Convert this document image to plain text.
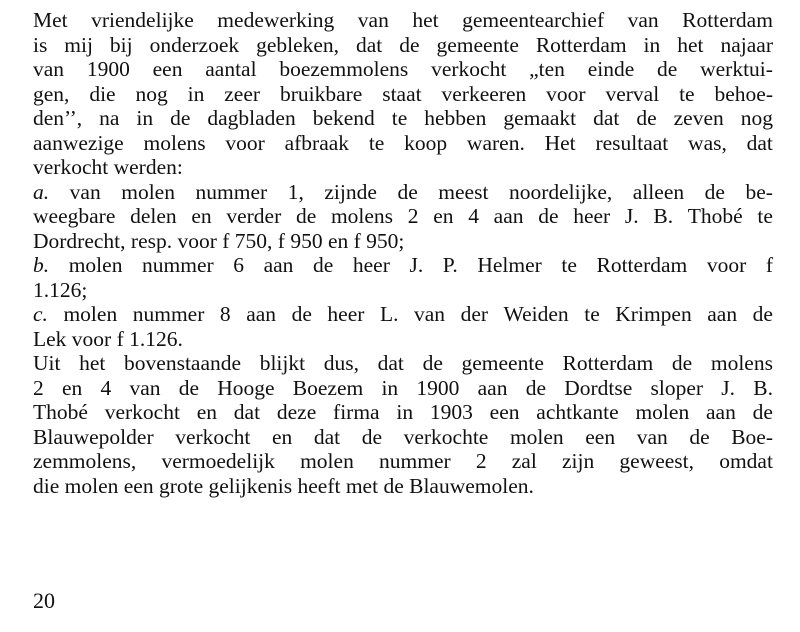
Met vriendelijke medewerking van het gemeentearchief van Rotterdam
is mij bij onderzoek gebleken, dat de gemeente Rotterdam in het najaar
van 1900 een aantal boezemmolens verkocht „ten einde de werktui-
gen, die nog in zeer bruikbare staat verkeeren voor verval te behoe-
den’’, na in de dagbladen bekend te hebben gemaakt dat de zeven nog
aanwezige molens voor afbraak te koop waren. Het resultaat was, dat
verkocht werden:
a. van molen nummer 1, zijnde de meest noordelijke, alleen de be-
weegbare delen en verder de molens 2 en 4 aan de heer J. B. Thobé te
Dordrecht, resp. voor f 750, f 950 en f 950;
b. molen nummer 6 aan de heer J. P. Helmer te Rotterdam voor f
1.126;
c. molen nummer 8 aan de heer L. van der Weiden te Krimpen aan de
Lek voor f 1.126.
Uit het bovenstaande blijkt dus, dat de gemeente Rotterdam de molens
2 en 4 van de Hooge Boezem in 1900 aan de Dordtse sloper J. B.
Thobé verkocht en dat deze firma in 1903 een achtkante molen aan de
Blauwepolder verkocht en dat de verkochte molen een van de Boe-
zemmolens, vermoedelijk molen nummer 2 zal zijn geweest, omdat
die molen een grote gelijkenis heeft met de Blauwemolen.
20
